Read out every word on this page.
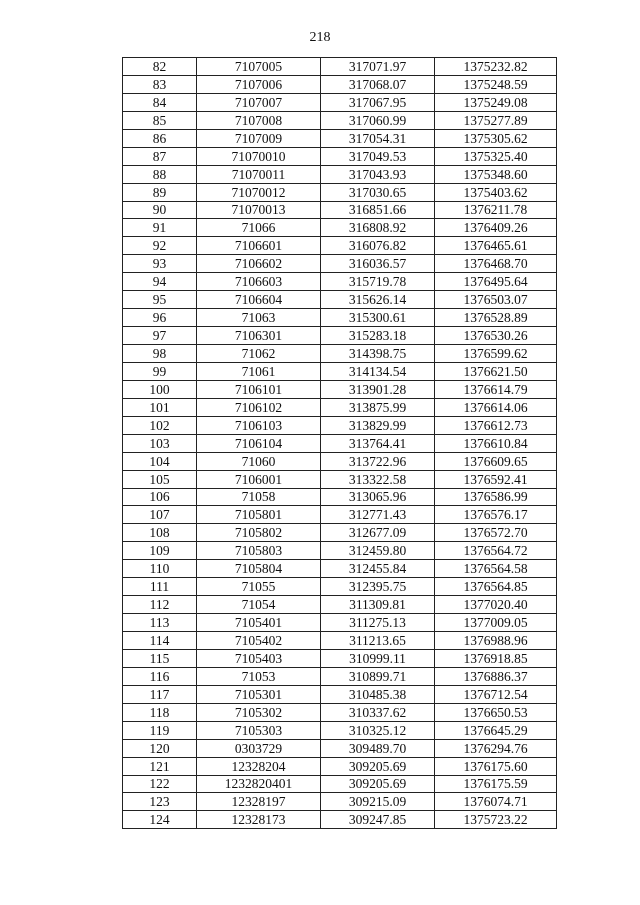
218
82	7107005	317071.97	1375232.82
83	7107006	317068.07	1375248.59
84	7107007	317067.95	1375249.08
85	7107008	317060.99	1375277.89
86	7107009	317054.31	1375305.62
87	71070010	317049.53	1375325.40
88	71070011	317043.93	1375348.60
89	71070012	317030.65	1375403.62
90	71070013	316851.66	1376211.78
91	71066	316808.92	1376409.26
92	7106601	316076.82	1376465.61
93	7106602	316036.57	1376468.70
94	7106603	315719.78	1376495.64
95	7106604	315626.14	1376503.07
96	71063	315300.61	1376528.89
97	7106301	315283.18	1376530.26
98	71062	314398.75	1376599.62
99	71061	314134.54	1376621.50
100	7106101	313901.28	1376614.79
101	7106102	313875.99	1376614.06
102	7106103	313829.99	1376612.73
103	7106104	313764.41	1376610.84
104	71060	313722.96	1376609.65
105	7106001	313322.58	1376592.41
106	71058	313065.96	1376586.99
107	7105801	312771.43	1376576.17
108	7105802	312677.09	1376572.70
109	7105803	312459.80	1376564.72
110	7105804	312455.84	1376564.58
111	71055	312395.75	1376564.85
112	71054	311309.81	1377020.40
113	7105401	311275.13	1377009.05
114	7105402	311213.65	1376988.96
115	7105403	310999.11	1376918.85
116	71053	310899.71	1376886.37
117	7105301	310485.38	1376712.54
118	7105302	310337.62	1376650.53
119	7105303	310325.12	1376645.29
120	0303729	309489.70	1376294.76
121	12328204	309205.69	1376175.60
122	1232820401	309205.69	1376175.59
123	12328197	309215.09	1376074.71
124	12328173	309247.85	1375723.22
